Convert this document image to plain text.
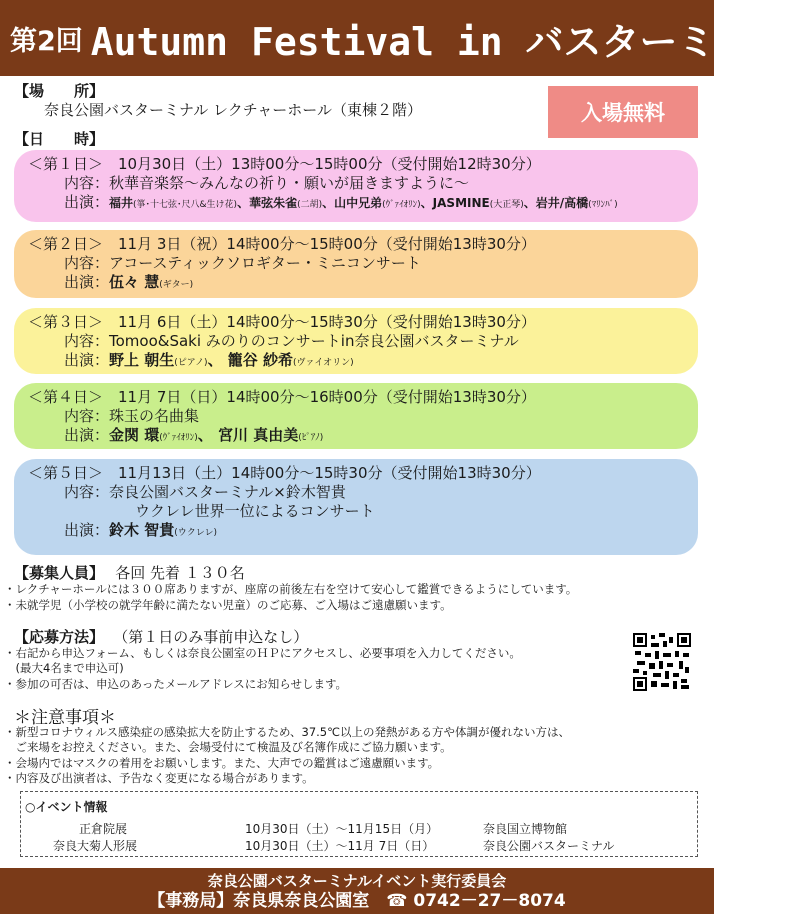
第2回 Autumn Festival in バスターミナル
【場　　所】
奈良公園バスターミナル レクチャーホール（東棟２階）	入場無料
【日　　時】
＜第１日＞　10月30日（土）13時00分～15時00分（受付開始12時30分）
内容：秋華音楽祭～みんなの祈り・願いが届きますように～
出演：福井(箏･十七弦･尺八&生け花)、華弦朱雀(二胡)、山中兄弟(ｳﾞｧｲｵﾘﾝ)、JASMINE(大正琴)、岩井/高橋(ﾏﾘﾝﾊﾞ)
＜第２日＞　11月 3日（祝）14時00分～15時00分（受付開始13時30分）
内容：アコースティックソロギター・ミニコンサート
出演：伍々 慧(ギター)
＜第３日＞　11月 6日（土）14時00分～15時30分（受付開始13時30分）
内容：Tomoo&Saki みのりのコンサートin奈良公園バスターミナル
出演：野上 朝生(ピアノ)、 籠谷 紗希(ヴァイオリン)
＜第４日＞　11月 7日（日）14時00分～16時00分（受付開始13時30分）
内容：珠玉の名曲集
出演：金関 環(ｳﾞｧｲｵﾘﾝ)、 宮川 真由美(ﾋﾟｱﾉ)
＜第５日＞　11月13日（土）14時00分～15時30分（受付開始13時30分）
内容：奈良公園バスターミナル×鈴木智貴
ウクレレ世界一位によるコンサート
出演：鈴木 智貴(ウクレレ)
【募集人員】 各回 先着 １３０名
・レクチャーホールには３００席ありますが、座席の前後左右を空けて安心して鑑賞できるようにしています。
・未就学児（小学校の就学年齢に満たない児童）のご応募、ご入場はご遠慮願います。
【応募方法】 （第１日のみ事前申込なし）
・右記から申込フォーム、もしくは奈良公園室のＨＰにアクセスし、必要事項を入力してください。
　(最大4名まで申込可)
・参加の可否は、申込のあったメールアドレスにお知らせします。
＊注意事項＊
・新型コロナウィルス感染症の感染拡大を防止するため、37.5℃以上の発熱がある方や体調が優れない方は、
　ご来場をお控えください。また、会場受付にて検温及び名簿作成にご協力願います。
・会場内ではマスクの着用をお願いします。また、大声での鑑賞はご遠慮願います。
・内容及び出演者は、予告なく変更になる場合があります。
○イベント情報
正倉院展	10月30日（土）～11月15日（月）	奈良国立博物館
奈良大菊人形展	10月30日（土）～11月 7日（日）	奈良公園バスターミナル
奈良公園バスターミナルイベント実行委員会
【事務局】奈良県奈良公園室　☎ 0742－27－8074
